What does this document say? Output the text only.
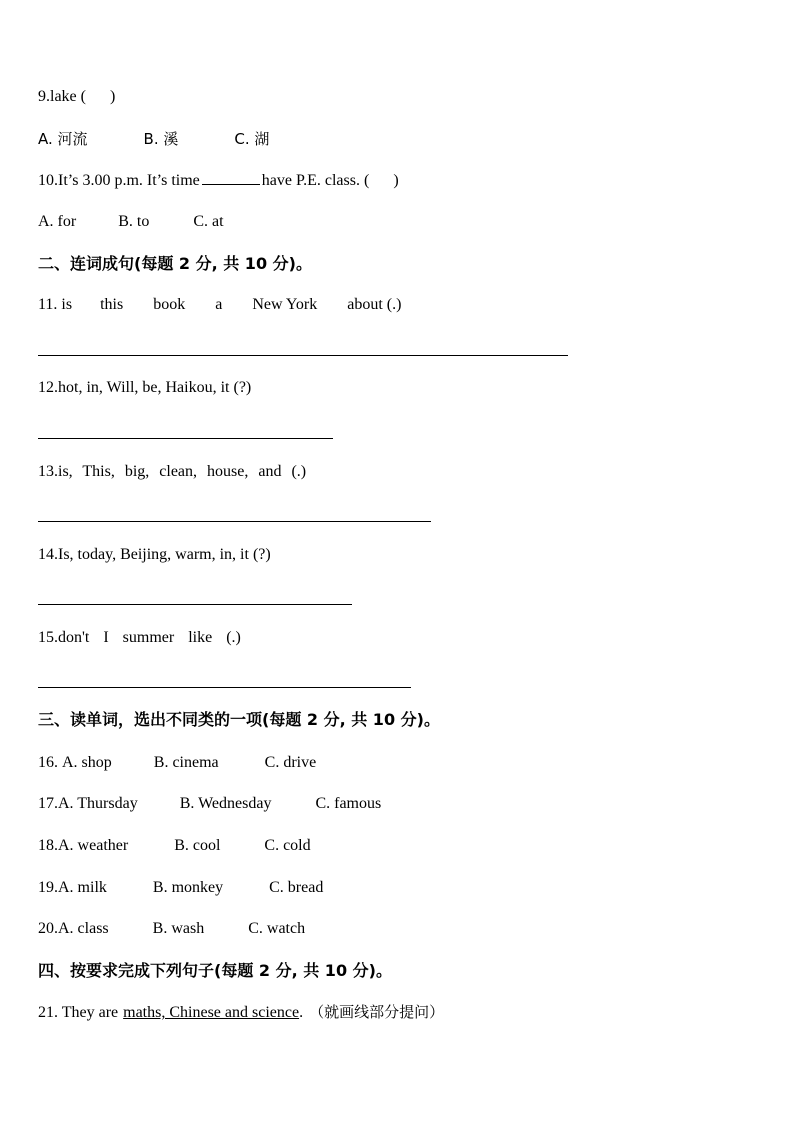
9.lake ( )
A. 河流	B. 溪	C. 湖
10.It’s 3.00 p.m. It’s time	have P.E. class. ( )
A. for	B. to	C. at
二、连词成句(每题 2 分, 共 10 分)。
11. is this book a New York about (.)
12.hot, in, Will, be, Haikou, it (?)
13.is, This, big, clean, house, and (.)
14.Is, today, Beijing, warm, in, it (?)
15.don't I summer like (.)
三、读单词，选出不同类的一项(每题 2 分, 共 10 分)。
16. A. shop	B. cinema	C. drive
17.A. Thursday	B. Wednesday	C. famous
18.A. weather	B. cool	C. cold
19.A. milk	B. monkey	C. bread
20.A. class	B. wash	C. watch
四、按要求完成下列句子(每题 2 分, 共 10 分)。
21. They are maths, Chinese and science. （就画线部分提问）
